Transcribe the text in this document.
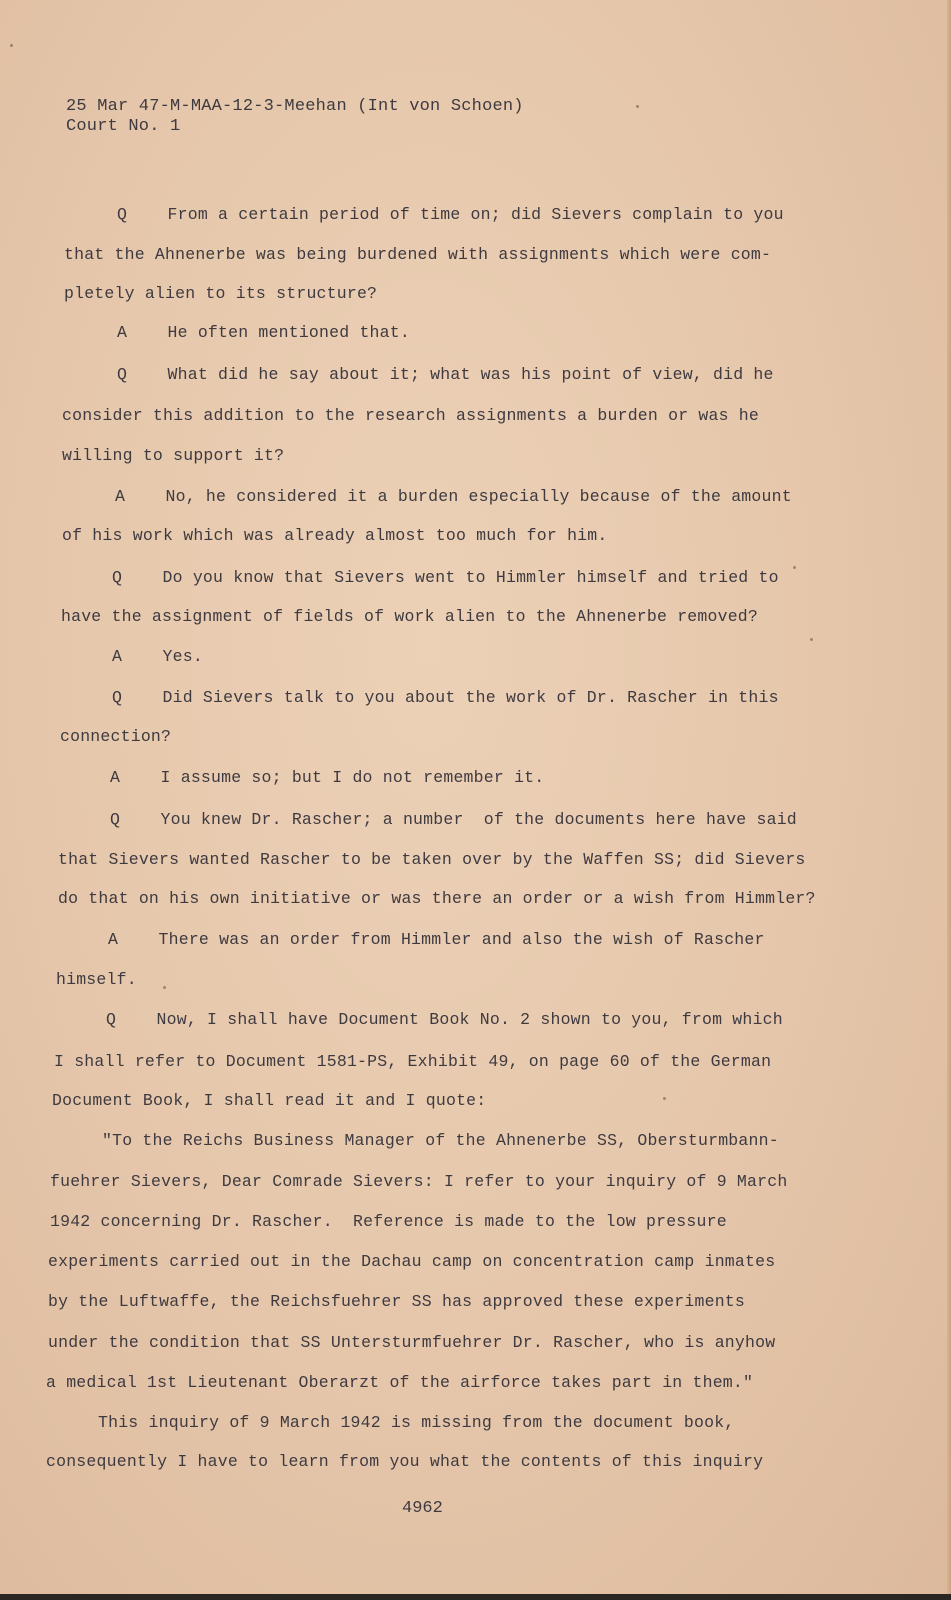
25 Mar 47-M-MAA-12-3-Meehan (Int von Schoen)
Court No. 1
Q    From a certain period of time on; did Sievers complain to you
that the Ahnenerbe was being burdened with assignments which were com-
pletely alien to its structure?
A    He often mentioned that.
Q    What did he say about it; what was his point of view, did he
consider this addition to the research assignments a burden or was he
willing to support it?
A    No, he considered it a burden especially because of the amount
of his work which was already almost too much for him.
Q    Do you know that Sievers went to Himmler himself and tried to
have the assignment of fields of work alien to the Ahnenerbe removed?
A    Yes.
Q    Did Sievers talk to you about the work of Dr. Rascher in this
connection?
A    I assume so; but I do not remember it.
Q    You knew Dr. Rascher; a number  of the documents here have said
that Sievers wanted Rascher to be taken over by the Waffen SS; did Sievers
do that on his own initiative or was there an order or a wish from Himmler?
A    There was an order from Himmler and also the wish of Rascher
himself.
Q    Now, I shall have Document Book No. 2 shown to you, from which
I shall refer to Document 1581-PS, Exhibit 49, on page 60 of the German
Document Book, I shall read it and I quote:
"To the Reichs Business Manager of the Ahnenerbe SS, Obersturmbann-
fuehrer Sievers, Dear Comrade Sievers: I refer to your inquiry of 9 March
1942 concerning Dr. Rascher.  Reference is made to the low pressure
experiments carried out in the Dachau camp on concentration camp inmates
by the Luftwaffe, the Reichsfuehrer SS has approved these experiments
under the condition that SS Untersturmfuehrer Dr. Rascher, who is anyhow
a medical 1st Lieutenant Oberarzt of the airforce takes part in them."
This inquiry of 9 March 1942 is missing from the document book,
consequently I have to learn from you what the contents of this inquiry
4962
